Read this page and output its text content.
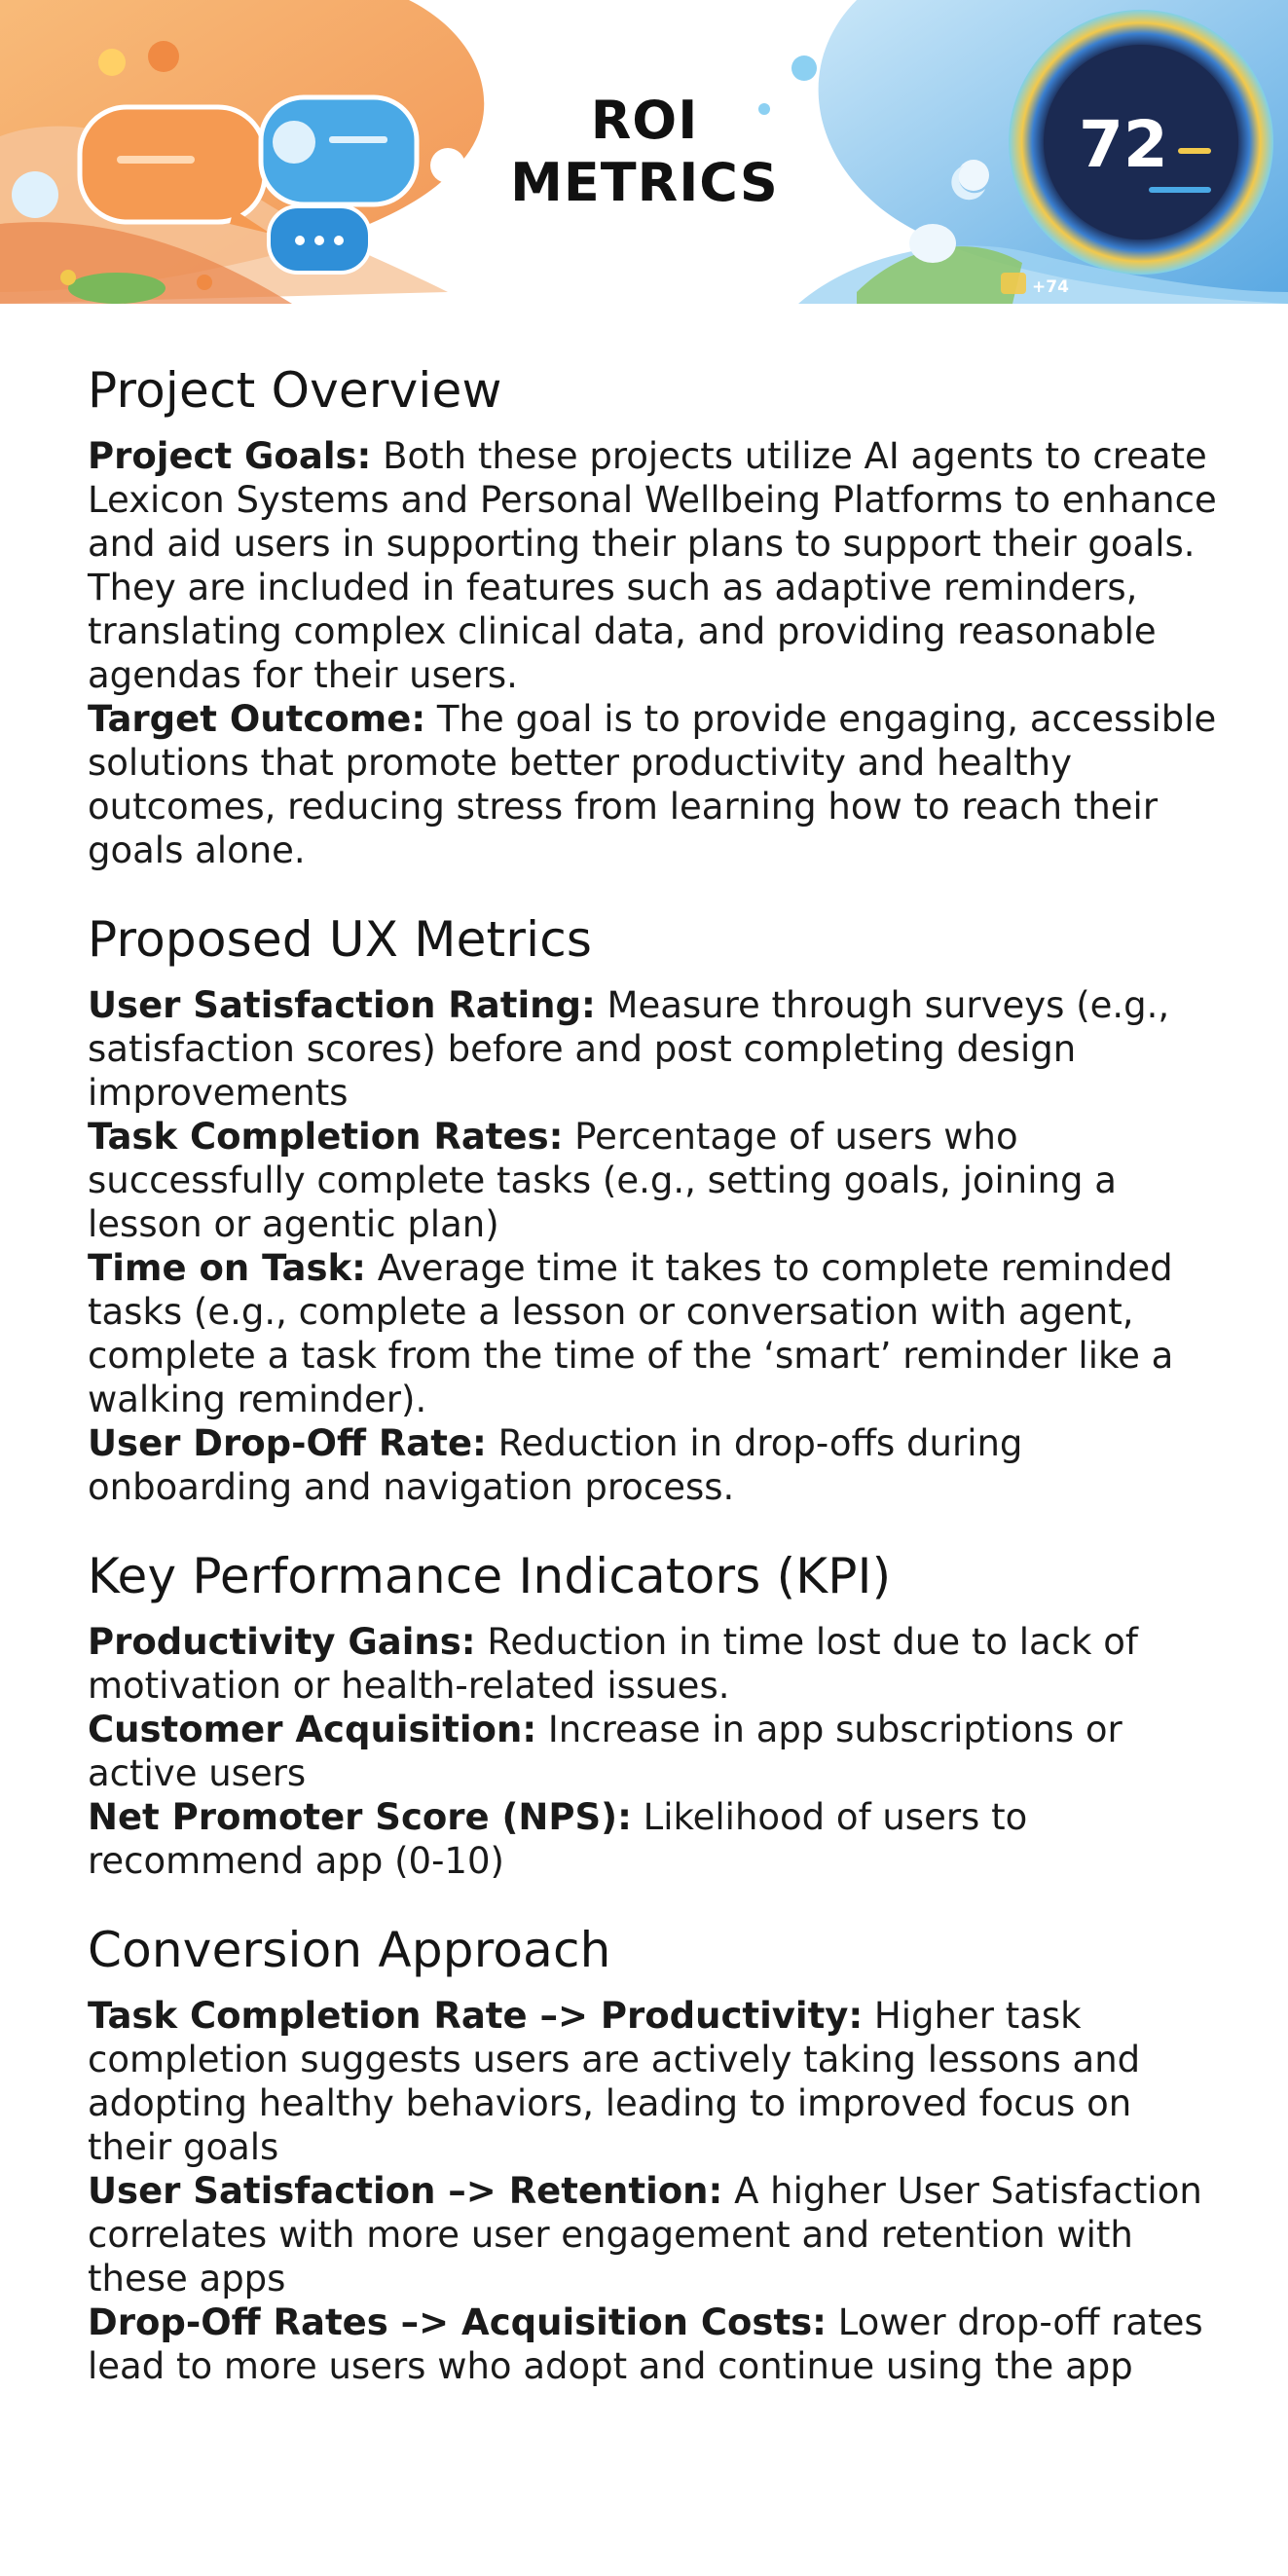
ROI
METRICS
72
+74
Project Overview

Project Goals: Both these projects utilize AI agents to create Lexicon Systems and Personal Wellbeing Platforms to enhance and aid users in supporting their plans to support their goals. They are included in features such as adaptive reminders, translating complex clinical data, and providing reasonable agendas for their users.

Target Outcome: The goal is to provide engaging, accessible solutions that promote better productivity and healthy outcomes, reducing stress from learning how to reach their goals alone.

Proposed UX Metrics

User Satisfaction Rating: Measure through surveys (e.g., satisfaction scores) before and post completing design improvements

Task Completion Rates: Percentage of users who successfully complete tasks (e.g., setting goals, joining a lesson or agentic plan)

Time on Task: Average time it takes to complete reminded tasks (e.g., complete a lesson or conversation with agent, complete a task from the time of the ‘smart’ reminder like a walking reminder).

User Drop-Off Rate: Reduction in drop-offs during onboarding and navigation process.

Key Performance Indicators (KPI)

Productivity Gains: Reduction in time lost due to lack of motivation or health-related issues.

Customer Acquisition: Increase in app subscriptions or active users

Net Promoter Score (NPS): Likelihood of users to recommend app (0-10)

Conversion Approach

Task Completion Rate –> Productivity: Higher task completion suggests users are actively taking lessons and adopting healthy behaviors, leading to improved focus on their goals

User Satisfaction –> Retention: A higher User Satisfaction correlates with more user engagement and retention with these apps

Drop-Off Rates –> Acquisition Costs: Lower drop-off rates lead to more users who adopt and continue using the app
